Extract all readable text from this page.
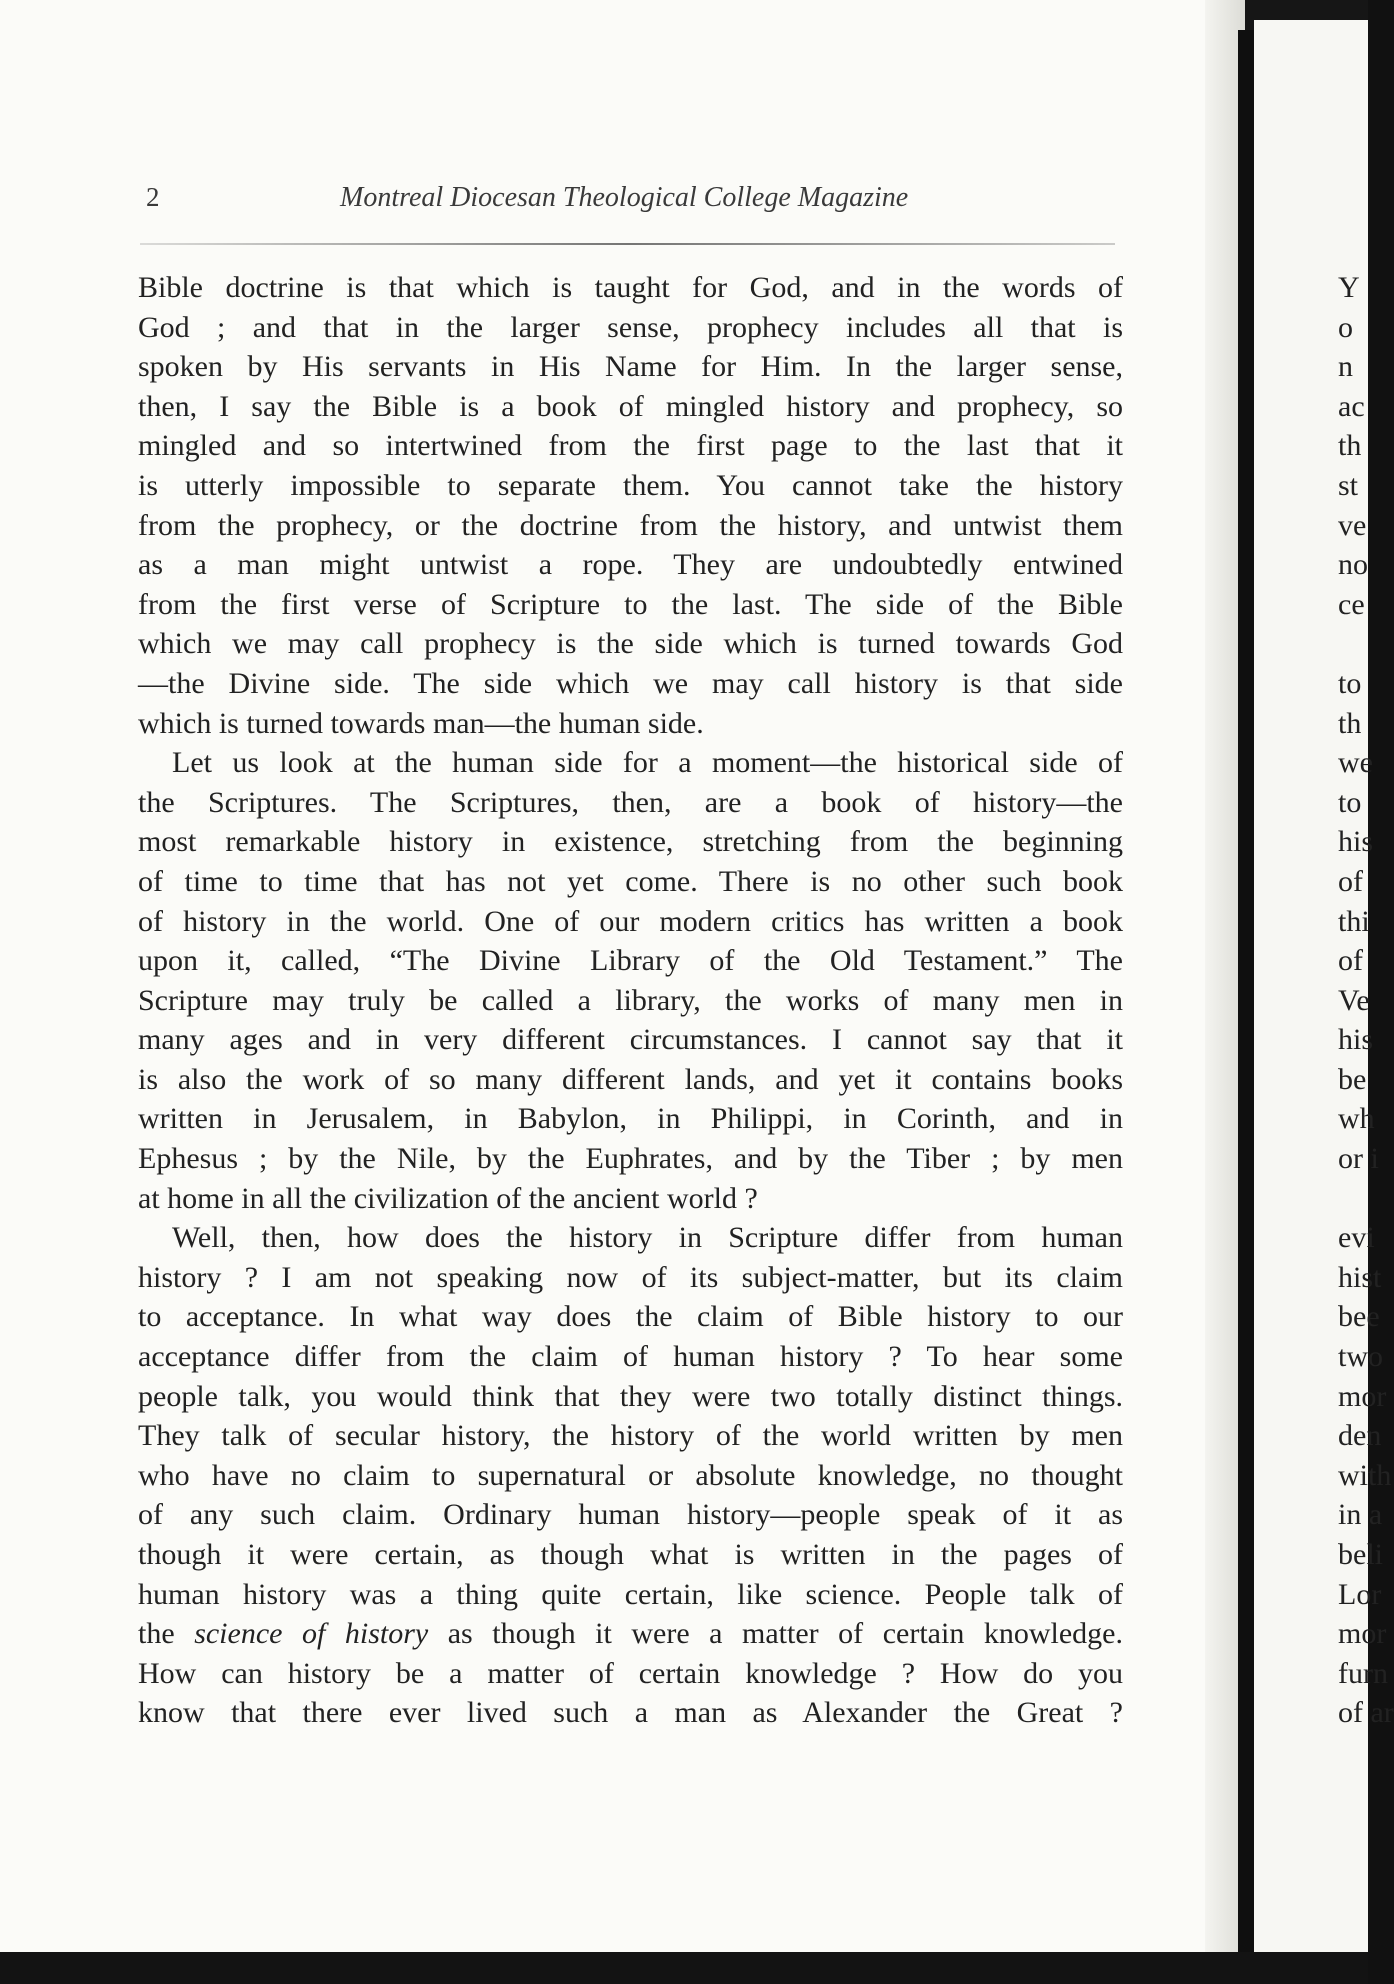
2	Montreal Diocesan Theological College Magazine
Bible doctrine is that which is taught for God, and in the words of
God ; and that in the larger sense, prophecy includes all that is
spoken by His servants in His Name for Him. In the larger sense,
then, I say the Bible is a book of mingled history and prophecy, so
mingled and so intertwined from the first page to the last that it
is utterly impossible to separate them. You cannot take the history
from the prophecy, or the doctrine from the history, and untwist them
as a man might untwist a rope. They are undoubtedly entwined
from the first verse of Scripture to the last. The side of the Bible
which we may call prophecy is the side which is turned towards God
—the Divine side. The side which we may call history is that side
which is turned towards man—the human side.
Let us look at the human side for a moment—the historical side of
the Scriptures. The Scriptures, then, are a book of history—the
most remarkable history in existence, stretching from the beginning
of time to time that has not yet come. There is no other such book
of history in the world. One of our modern critics has written a book
upon it, called, “The Divine Library of the Old Testament.” The
Scripture may truly be called a library, the works of many men in
many ages and in very different circumstances. I cannot say that it
is also the work of so many different lands, and yet it contains books
written in Jerusalem, in Babylon, in Philippi, in Corinth, and in
Ephesus ; by the Nile, by the Euphrates, and by the Tiber ; by men
at home in all the civilization of the ancient world ?
Well, then, how does the history in Scripture differ from human
history ? I am not speaking now of its subject-matter, but its claim
to acceptance. In what way does the claim of Bible history to our
acceptance differ from the claim of human history ? To hear some
people talk, you would think that they were two totally distinct things.
They talk of secular history, the history of the world written by men
who have no claim to supernatural or absolute knowledge, no thought
of any such claim. Ordinary human history—people speak of it as
though it were certain, as though what is written in the pages of
human history was a thing quite certain, like science. People talk of
the science of history as though it were a matter of certain knowledge.
How can history be a matter of certain knowledge ? How do you
know that there ever lived such a man as Alexander the Great ?
Y
o
n
ac
th
st
ve
no
ce
to
th
we
to
his
of
thi
of
Ve
his
be
wh
or i
evi
hist
bee
two
mor
den
with
in a
beli
Lor
mor
furn
of ar
